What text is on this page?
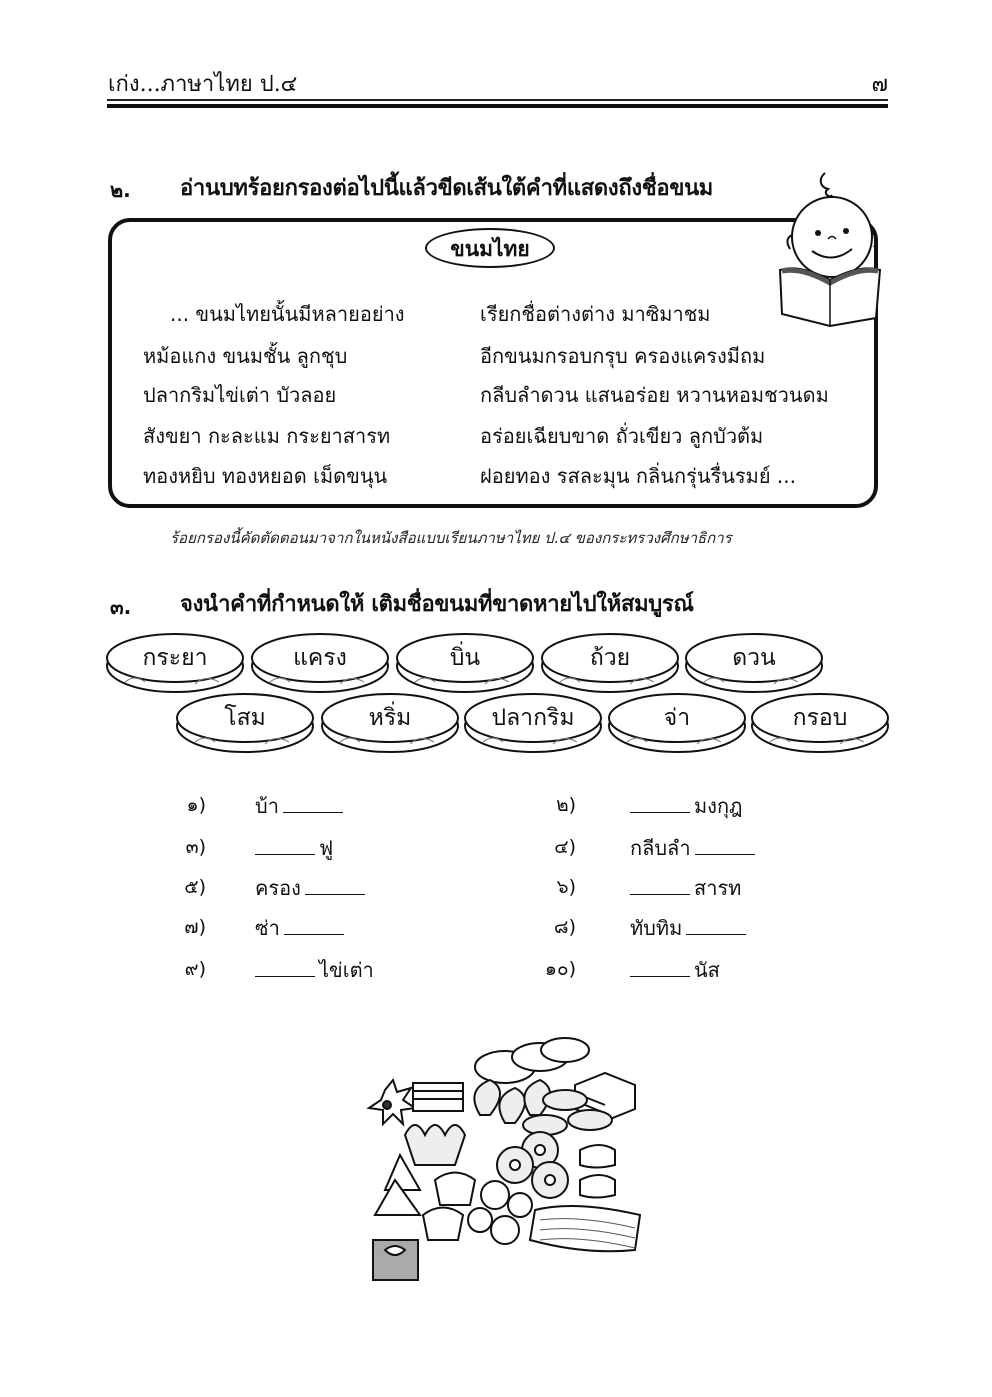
เก่ง...ภาษาไทย ป.๔	๗
๒. อ่านบทร้อยกรองต่อไปนี้แล้วขีดเส้นใต้คำที่แสดงถึงชื่อขนม
ขนมไทย
... ขนมไทยนั้นมีหลายอย่าง
หม้อแกง ขนมชั้น ลูกชุบ
ปลากริมไข่เต่า บัวลอย
สังขยา กะละแม กระยาสารท
ทองหยิบ ทองหยอด เม็ดขนุน
เรียกชื่อต่างต่าง มาซิมาชม
อีกขนมกรอบกรุบ ครองแครงมีถม
กลีบลำดวน แสนอร่อย หวานหอมชวนดม
อร่อยเฉียบขาด ถั่วเขียว ลูกบัวต้ม
ฝอยทอง รสละมุน กลิ่นกรุ่นรื่นรมย์ ...
ร้อยกรองนี้คัดตัดตอนมาจากในหนังสือแบบเรียนภาษาไทย ป.๔ ของกระทรวงศึกษาธิการ
๓. จงนำคำที่กำหนดให้ เติมชื่อขนมที่ขาดหายไปให้สมบูรณ์
กระยา	แครง	บิ่น	ถ้วย	ดวน
โสม	หริ่ม	ปลากริม	จ่า	กรอบ
๑) บ้า
๓)	ฟู
๕) ครอง
๗) ซ่า
๙)	ไข่เต่า
๒)	มงกุฎ
๔)	กลีบลำ
๖)	สารท
๘)	ทับทิม
๑๐)	นัส
